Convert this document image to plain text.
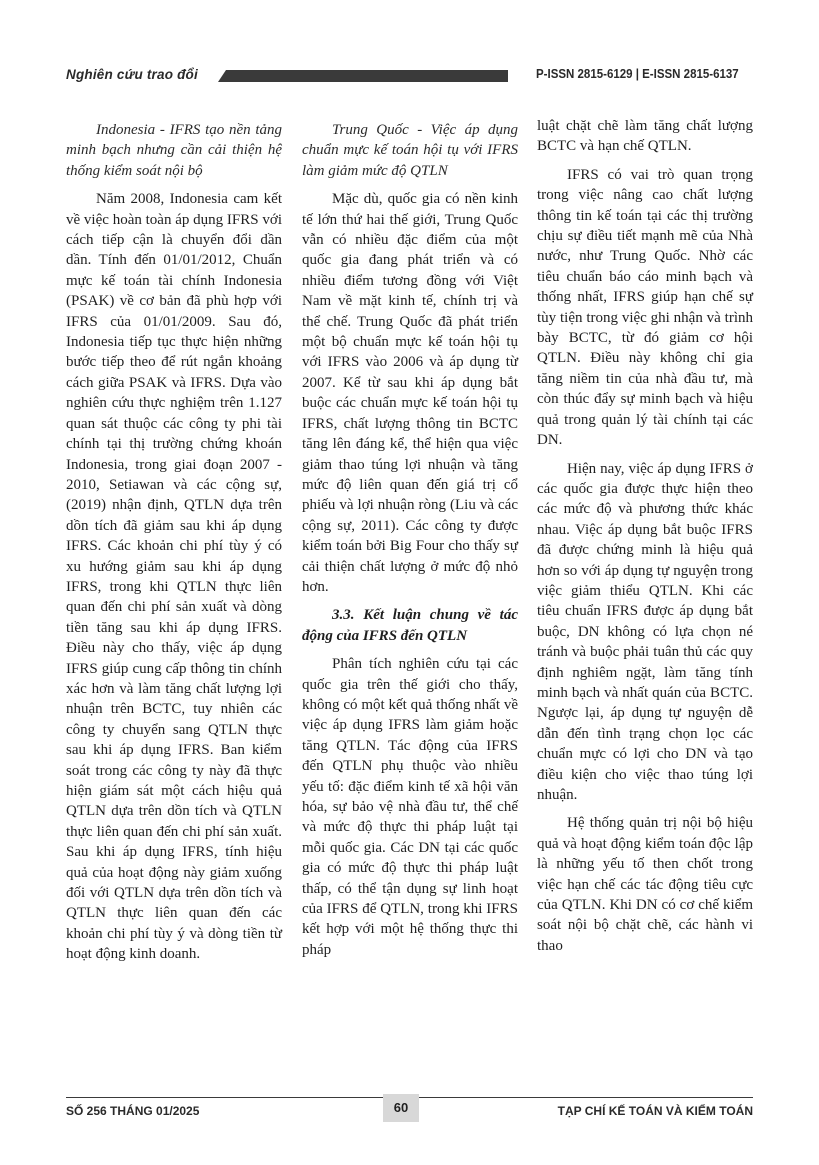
Nghiên cứu trao đổi	P-ISSN 2815-6129 | E-ISSN 2815-6137

Indonesia - IFRS tạo nền tảng minh bạch nhưng cần cải thiện hệ thống kiểm soát nội bộ

Năm 2008, Indonesia cam kết về việc hoàn toàn áp dụng IFRS với cách tiếp cận là chuyển đổi dần dần. Tính đến 01/01/2012, Chuẩn mực kế toán tài chính Indonesia (PSAK) về cơ bản đã phù hợp với IFRS của 01/01/2009. Sau đó, Indonesia tiếp tục thực hiện những bước tiếp theo để rút ngắn khoảng cách giữa PSAK và IFRS. Dựa vào nghiên cứu thực nghiệm trên 1.127 quan sát thuộc các công ty phi tài chính tại thị trường chứng khoán Indonesia, trong giai đoạn 2007 - 2010, Setiawan và các cộng sự, (2019) nhận định, QTLN dựa trên dồn tích đã giảm sau khi áp dụng IFRS. Các khoản chi phí tùy ý có xu hướng giảm sau khi áp dụng IFRS, trong khi QTLN thực liên quan đến chi phí sản xuất và dòng tiền tăng sau khi áp dụng IFRS. Điều này cho thấy, việc áp dụng IFRS giúp cung cấp thông tin chính xác hơn và làm tăng chất lượng lợi nhuận trên BCTC, tuy nhiên các công ty chuyển sang QTLN thực sau khi áp dụng IFRS. Ban kiểm soát trong các công ty này đã thực hiện giám sát một cách hiệu quả QTLN dựa trên dồn tích và QTLN thực liên quan đến chi phí sản xuất. Sau khi áp dụng IFRS, tính hiệu quả của hoạt động này giảm xuống đối với QTLN dựa trên dồn tích và QTLN thực liên quan đến các khoản chi phí tùy ý và dòng tiền từ hoạt động kinh doanh.

Trung Quốc - Việc áp dụng chuẩn mực kế toán hội tụ với IFRS làm giảm mức độ QTLN

Mặc dù, quốc gia có nền kinh tế lớn thứ hai thế giới, Trung Quốc vẫn có nhiều đặc điểm của một quốc gia đang phát triển và có nhiều điểm tương đồng với Việt Nam về mặt kinh tế, chính trị và thể chế. Trung Quốc đã phát triển một bộ chuẩn mực kế toán hội tụ với IFRS vào 2006 và áp dụng từ 2007. Kể từ sau khi áp dụng bắt buộc các chuẩn mực kế toán hội tụ IFRS, chất lượng thông tin BCTC tăng lên đáng kể, thể hiện qua việc giảm thao túng lợi nhuận và tăng mức độ liên quan đến giá trị cổ phiếu và lợi nhuận ròng (Liu và các cộng sự, 2011). Các công ty được kiểm toán bởi Big Four cho thấy sự cải thiện chất lượng ở mức độ nhỏ hơn.

3.3. Kết luận chung về tác động của IFRS đến QTLN

Phân tích nghiên cứu tại các quốc gia trên thế giới cho thấy, không có một kết quả thống nhất về việc áp dụng IFRS làm giảm hoặc tăng QTLN. Tác động của IFRS đến QTLN phụ thuộc vào nhiều yếu tố: đặc điểm kinh tế xã hội văn hóa, sự bảo vệ nhà đầu tư, thể chế và mức độ thực thi pháp luật tại mỗi quốc gia. Các DN tại các quốc gia có mức độ thực thi pháp luật thấp, có thể tận dụng sự linh hoạt của IFRS để QTLN, trong khi IFRS kết hợp với một hệ thống thực thi pháp

luật chặt chẽ làm tăng chất lượng BCTC và hạn chế QTLN.

IFRS có vai trò quan trọng trong việc nâng cao chất lượng thông tin kế toán tại các thị trường chịu sự điều tiết mạnh mẽ của Nhà nước, như Trung Quốc. Nhờ các tiêu chuẩn báo cáo minh bạch và thống nhất, IFRS giúp hạn chế sự tùy tiện trong việc ghi nhận và trình bày BCTC, từ đó giảm cơ hội QTLN. Điều này không chỉ gia tăng niềm tin của nhà đầu tư, mà còn thúc đẩy sự minh bạch và hiệu quả trong quản lý tài chính tại các DN.

Hiện nay, việc áp dụng IFRS ở các quốc gia được thực hiện theo các mức độ và phương thức khác nhau. Việc áp dụng bắt buộc IFRS đã được chứng minh là hiệu quả hơn so với áp dụng tự nguyện trong việc giảm thiểu QTLN. Khi các tiêu chuẩn IFRS được áp dụng bắt buộc, DN không có lựa chọn né tránh và buộc phải tuân thủ các quy định nghiêm ngặt, làm tăng tính minh bạch và nhất quán của BCTC. Ngược lại, áp dụng tự nguyện dễ dẫn đến tình trạng chọn lọc các chuẩn mực có lợi cho DN và tạo điều kiện cho việc thao túng lợi nhuận.

Hệ thống quản trị nội bộ hiệu quả và hoạt động kiểm toán độc lập là những yếu tố then chốt trong việc hạn chế các tác động tiêu cực của QTLN. Khi DN có cơ chế kiểm soát nội bộ chặt chẽ, các hành vi thao

SỐ 256 THÁNG 01/2025	60	TẠP CHÍ KẾ TOÁN VÀ KIỂM TOÁN
